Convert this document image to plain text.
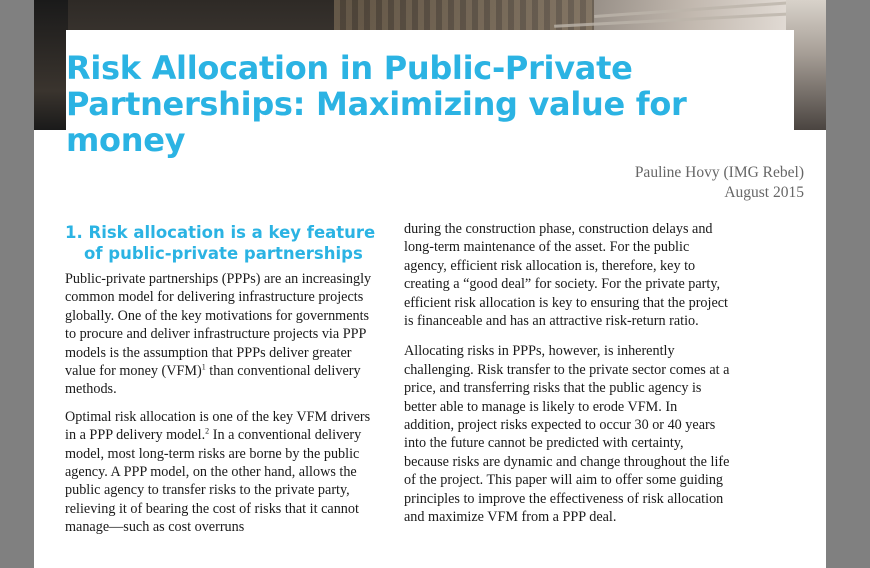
Risk Allocation in Public-Private Partnerships: Maximizing value for money
Pauline Hovy (IMG Rebel)
August 2015
1. Risk allocation is a key feature of public-private partnerships

Public-private partnerships (PPPs) are an increasingly common model for delivering infrastructure projects globally. One of the key motivations for governments to procure and deliver infrastructure projects via PPP models is the assumption that PPPs deliver greater value for money (VFM)$^1$ than conventional delivery methods.

Optimal risk allocation is one of the key VFM drivers in a PPP delivery model.$^2$ In a conventional delivery model, most long-term risks are borne by the public agency. A PPP model, on the other hand, allows the public agency to transfer risks to the private party, relieving it of bearing the cost of risks that it cannot manage—such as cost overruns

during the construction phase, construction delays and long-term maintenance of the asset. For the public agency, efficient risk allocation is, therefore, key to creating a “good deal” for society. For the private party, efficient risk allocation is key to ensuring that the project is financeable and has an attractive risk-return ratio.

Allocating risks in PPPs, however, is inherently challenging. Risk transfer to the private sector comes at a price, and transferring risks that the public agency is better able to manage is likely to erode VFM. In addition, project risks expected to occur 30 or 40 years into the future cannot be predicted with certainty, because risks are dynamic and change throughout the life of the project. This paper will aim to offer some guiding principles to improve the effectiveness of risk allocation and maximize VFM from a PPP deal.
